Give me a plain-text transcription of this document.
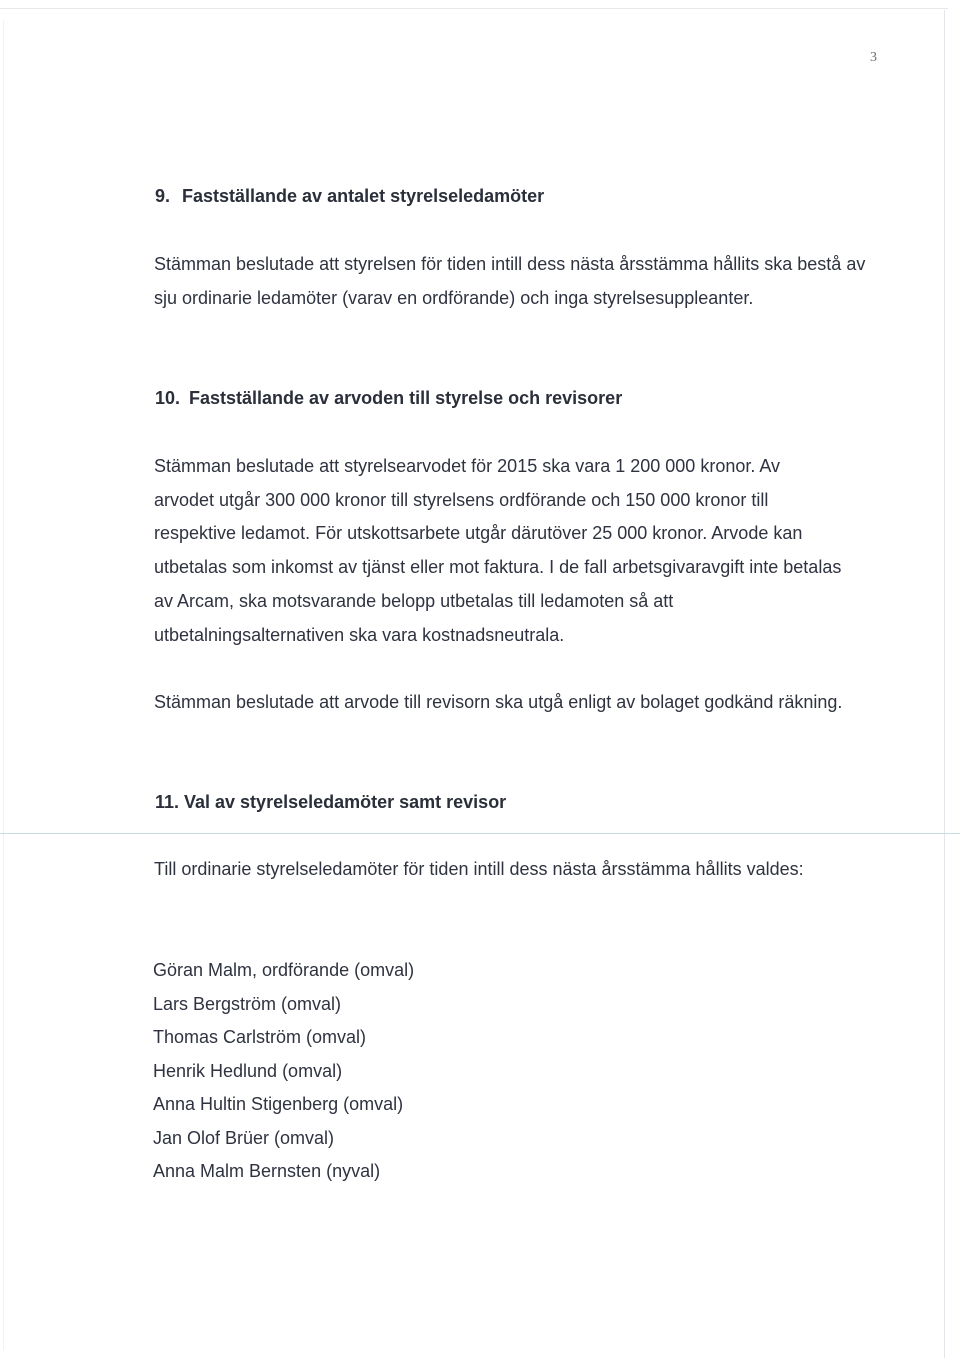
3
9. Fastställande av antalet styrelseledamöter

Stämman beslutade att styrelsen för tiden intill dess nästa årsstämma hållits ska bestå av sju ordinarie ledamöter (varav en ordförande) och inga styrelsesuppleanter.

10. Fastställande av arvoden till styrelse och revisorer

Stämman beslutade att styrelsearvodet för 2015 ska vara 1 200 000 kronor. Av arvodet utgår 300 000 kronor till styrelsens ordförande och 150 000 kronor till respektive ledamot. För utskottsarbete utgår därutöver 25 000 kronor. Arvode kan utbetalas som inkomst av tjänst eller mot faktura. I de fall arbetsgivaravgift inte betalas av Arcam, ska motsvarande belopp utbetalas till ledamoten så att utbetalningsalternativen ska vara kostnadsneutrala.

Stämman beslutade att arvode till revisorn ska utgå enligt av bolaget godkänd räkning.

11. Val av styrelseledamöter samt revisor

Till ordinarie styrelseledamöter för tiden intill dess nästa årsstämma hållits valdes:

Göran Malm, ordförande (omval)
Lars Bergström (omval)
Thomas Carlström (omval)
Henrik Hedlund (omval)
Anna Hultin Stigenberg (omval)
Jan Olof Brüer (omval)
Anna Malm Bernsten (nyval)
